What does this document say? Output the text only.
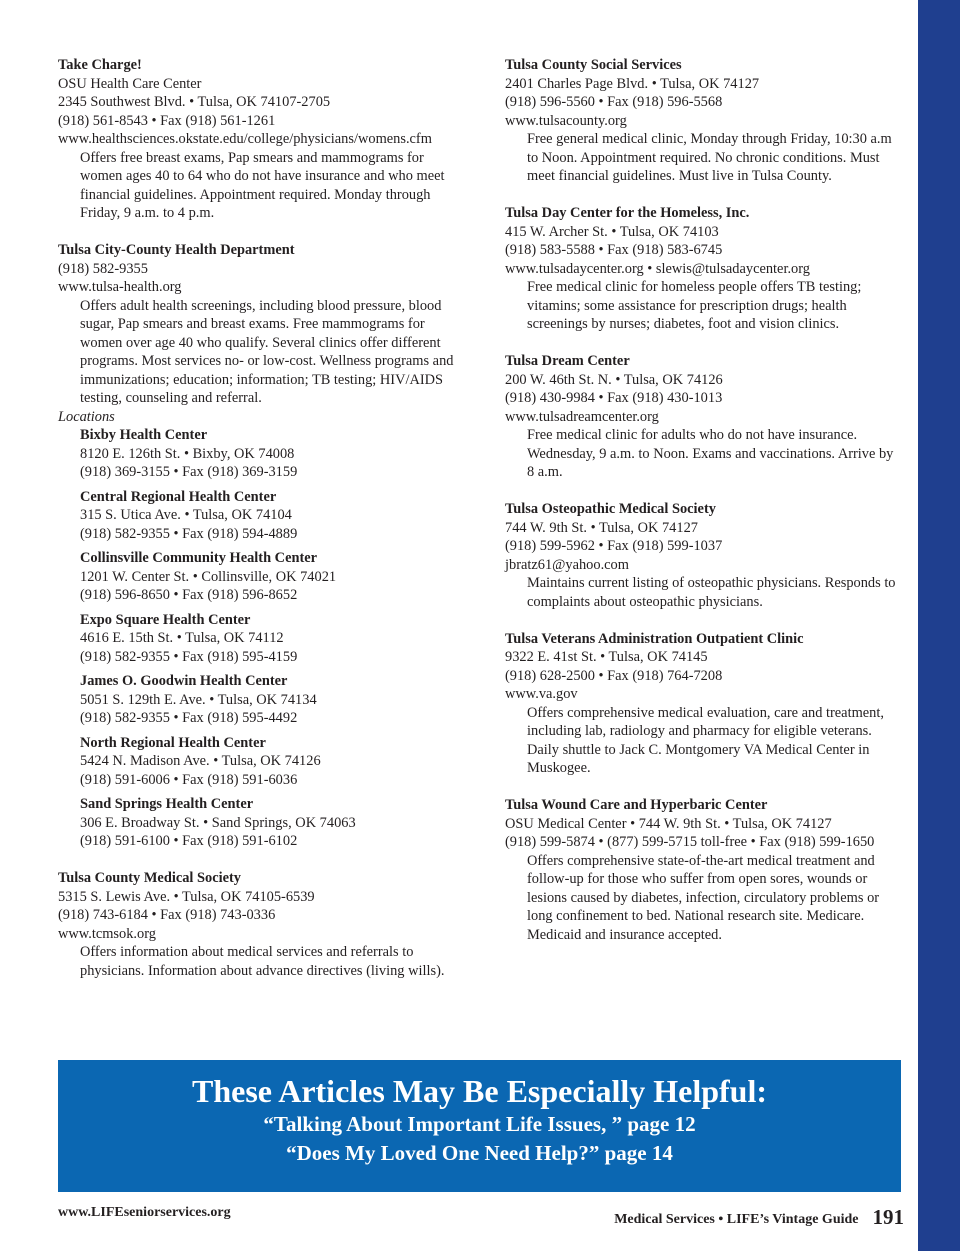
Take Charge!
OSU Health Care Center
2345 Southwest Blvd. • Tulsa, OK 74107-2705
(918) 561-8543 • Fax (918) 561-1261
www.healthsciences.okstate.edu/college/physicians/womens.cfm
Offers free breast exams, Pap smears and mammograms for
women ages 40 to 64 who do not have insurance and who meet
financial guidelines. Appointment required. Monday through
Friday, 9 a.m. to 4 p.m.
Tulsa City-County Health Department
(918) 582-9355
www.tulsa-health.org
Offers adult health screenings, including blood pressure, blood
sugar, Pap smears and breast exams. Free mammograms for
women over age 40 who qualify. Several clinics offer different
programs. Most services no- or low-cost. Wellness programs and
immunizations; education; information; TB testing; HIV/AIDS
testing, counseling and referral.
Locations
Bixby Health Center
8120 E. 126th St. • Bixby, OK 74008
(918) 369-3155 • Fax (918) 369-3159
Central Regional Health Center
315 S. Utica Ave. • Tulsa, OK 74104
(918) 582-9355 • Fax (918) 594-4889
Collinsville Community Health Center
1201 W. Center St. • Collinsville, OK 74021
(918) 596-8650 • Fax (918) 596-8652
Expo Square Health Center
4616 E. 15th St. • Tulsa, OK 74112
(918) 582-9355 • Fax (918) 595-4159
James O. Goodwin Health Center
5051 S. 129th E. Ave. • Tulsa, OK 74134
(918) 582-9355 • Fax (918) 595-4492
North Regional Health Center
5424 N. Madison Ave. • Tulsa, OK 74126
(918) 591-6006 • Fax (918) 591-6036
Sand Springs Health Center
306 E. Broadway St. • Sand Springs, OK 74063
(918) 591-6100 • Fax (918) 591-6102
Tulsa County Medical Society
5315 S. Lewis Ave. • Tulsa, OK 74105-6539
(918) 743-6184 • Fax (918) 743-0336
www.tcmsok.org
Offers information about medical services and referrals to
physicians. Information about advance directives (living wills).
Tulsa County Social Services
2401 Charles Page Blvd. • Tulsa, OK 74127
(918) 596-5560 • Fax (918) 596-5568
www.tulsacounty.org
Free general medical clinic, Monday through Friday, 10:30 a.m
to Noon. Appointment required. No chronic conditions. Must
meet financial guidelines. Must live in Tulsa County.
Tulsa Day Center for the Homeless, Inc.
415 W. Archer St. • Tulsa, OK 74103
(918) 583-5588 • Fax (918) 583-6745
www.tulsadaycenter.org • slewis@tulsadaycenter.org
Free medical clinic for homeless people offers TB testing;
vitamins; some assistance for prescription drugs; health
screenings by nurses; diabetes, foot and vision clinics.
Tulsa Dream Center
200 W. 46th St. N. • Tulsa, OK 74126
(918) 430-9984 • Fax (918) 430-1013
www.tulsadreamcenter.org
Free medical clinic for adults who do not have insurance.
Wednesday, 9 a.m. to Noon. Exams and vaccinations. Arrive by
8 a.m.
Tulsa Osteopathic Medical Society
744 W. 9th St. • Tulsa, OK 74127
(918) 599-5962 • Fax (918) 599-1037
jbratz61@yahoo.com
Maintains current listing of osteopathic physicians. Responds to
complaints about osteopathic physicians.
Tulsa Veterans Administration Outpatient Clinic
9322 E. 41st St. • Tulsa, OK 74145
(918) 628-2500 • Fax (918) 764-7208
www.va.gov
Offers comprehensive medical evaluation, care and treatment,
including lab, radiology and pharmacy for eligible veterans.
Daily shuttle to Jack C. Montgomery VA Medical Center in
Muskogee.
Tulsa Wound Care and Hyperbaric Center
OSU Medical Center • 744 W. 9th St. • Tulsa, OK 74127
(918) 599-5874 • (877) 599-5715 toll-free • Fax (918) 599-1650
Offers comprehensive state-of-the-art medical treatment and
follow-up for those who suffer from open sores, wounds or
lesions caused by diabetes, infection, circulatory problems or
long confinement to bed. National research site. Medicare.
Medicaid and insurance accepted.
These Articles May Be Especially Helpful:
“Talking About Important Life Issues, ” page 12
“Does My Loved One Need Help?” page 14
www.LIFEseniorservices.org	Medical Services • LIFE’s Vintage Guide 191
